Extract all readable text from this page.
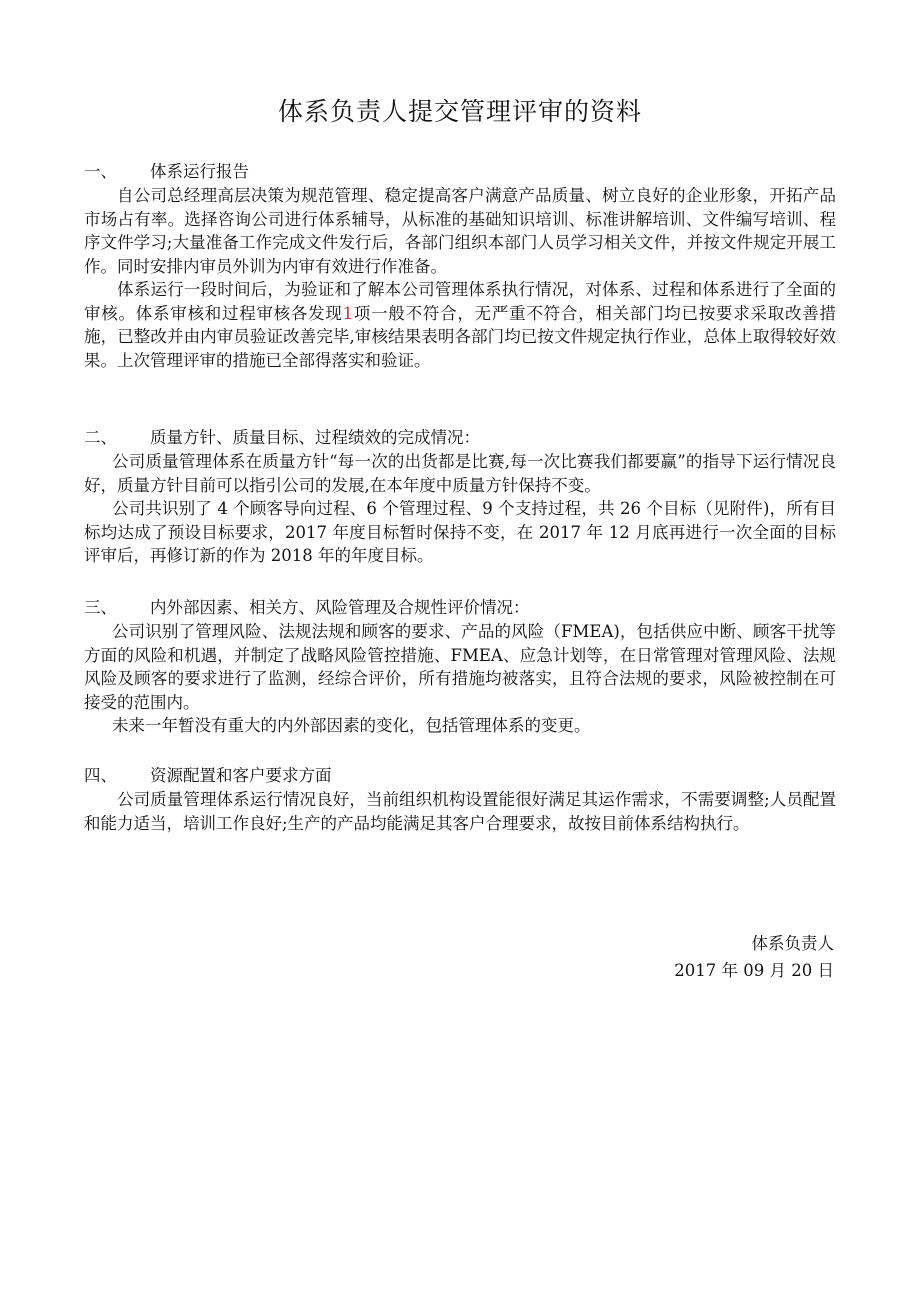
体系负责人提交管理评审的资料
一、 体系运行报告

自公司总经理高层决策为规范管理、稳定提高客户满意产品质量、树立良好的企业形象，开拓产品市场占有率。选择咨询公司进行体系辅导，从标准的基础知识培训、标准讲解培训、文件编写培训、程序文件学习;大量准备工作完成文件发行后，各部门组织本部门人员学习相关文件，并按文件规定开展工作。同时安排内审员外训为内审有效进行作准备。

体系运行一段时间后，为验证和了解本公司管理体系执行情况，对体系、过程和体系进行了全面的审核。体系审核和过程审核各发现1项一般不符合，无严重不符合，相关部门均已按要求采取改善措施，已整改并由内审员验证改善完毕,审核结果表明各部门均已按文件规定执行作业，总体上取得较好效果。上次管理评审的措施已全部得落实和验证。

二、 质量方针、质量目标、过程绩效的完成情况：

公司质量管理体系在质量方针“每一次的出货都是比赛,每一次比赛我们都要赢”的指导下运行情况良好，质量方针目前可以指引公司的发展,在本年度中质量方针保持不变。

公司共识别了 4 个顾客导向过程、6 个管理过程、9 个支持过程，共 26 个目标（见附件)，所有目标均达成了预设目标要求，2017 年度目标暂时保持不变，在 2017 年 12 月底再进行一次全面的目标评审后，再修订新的作为 2018 年的年度目标。

三、 内外部因素、相关方、风险管理及合规性评价情况：

公司识别了管理风险、法规法规和顾客的要求、产品的风险（FMEA)，包括供应中断、顾客干扰等方面的风险和机遇，并制定了战略风险管控措施、FMEA、应急计划等，在日常管理对管理风险、法规风险及顾客的要求进行了监测，经综合评价，所有措施均被落实，且符合法规的要求，风险被控制在可接受的范围内。

未来一年暂没有重大的内外部因素的变化，包括管理体系的变更。

四、 资源配置和客户要求方面

公司质量管理体系运行情况良好，当前组织机构设置能很好满足其运作需求，不需要调整;人员配置和能力适当，培训工作良好;生产的产品均能满足其客户合理要求，故按目前体系结构执行。

体系负责人
2017 年 09 月 20 日
